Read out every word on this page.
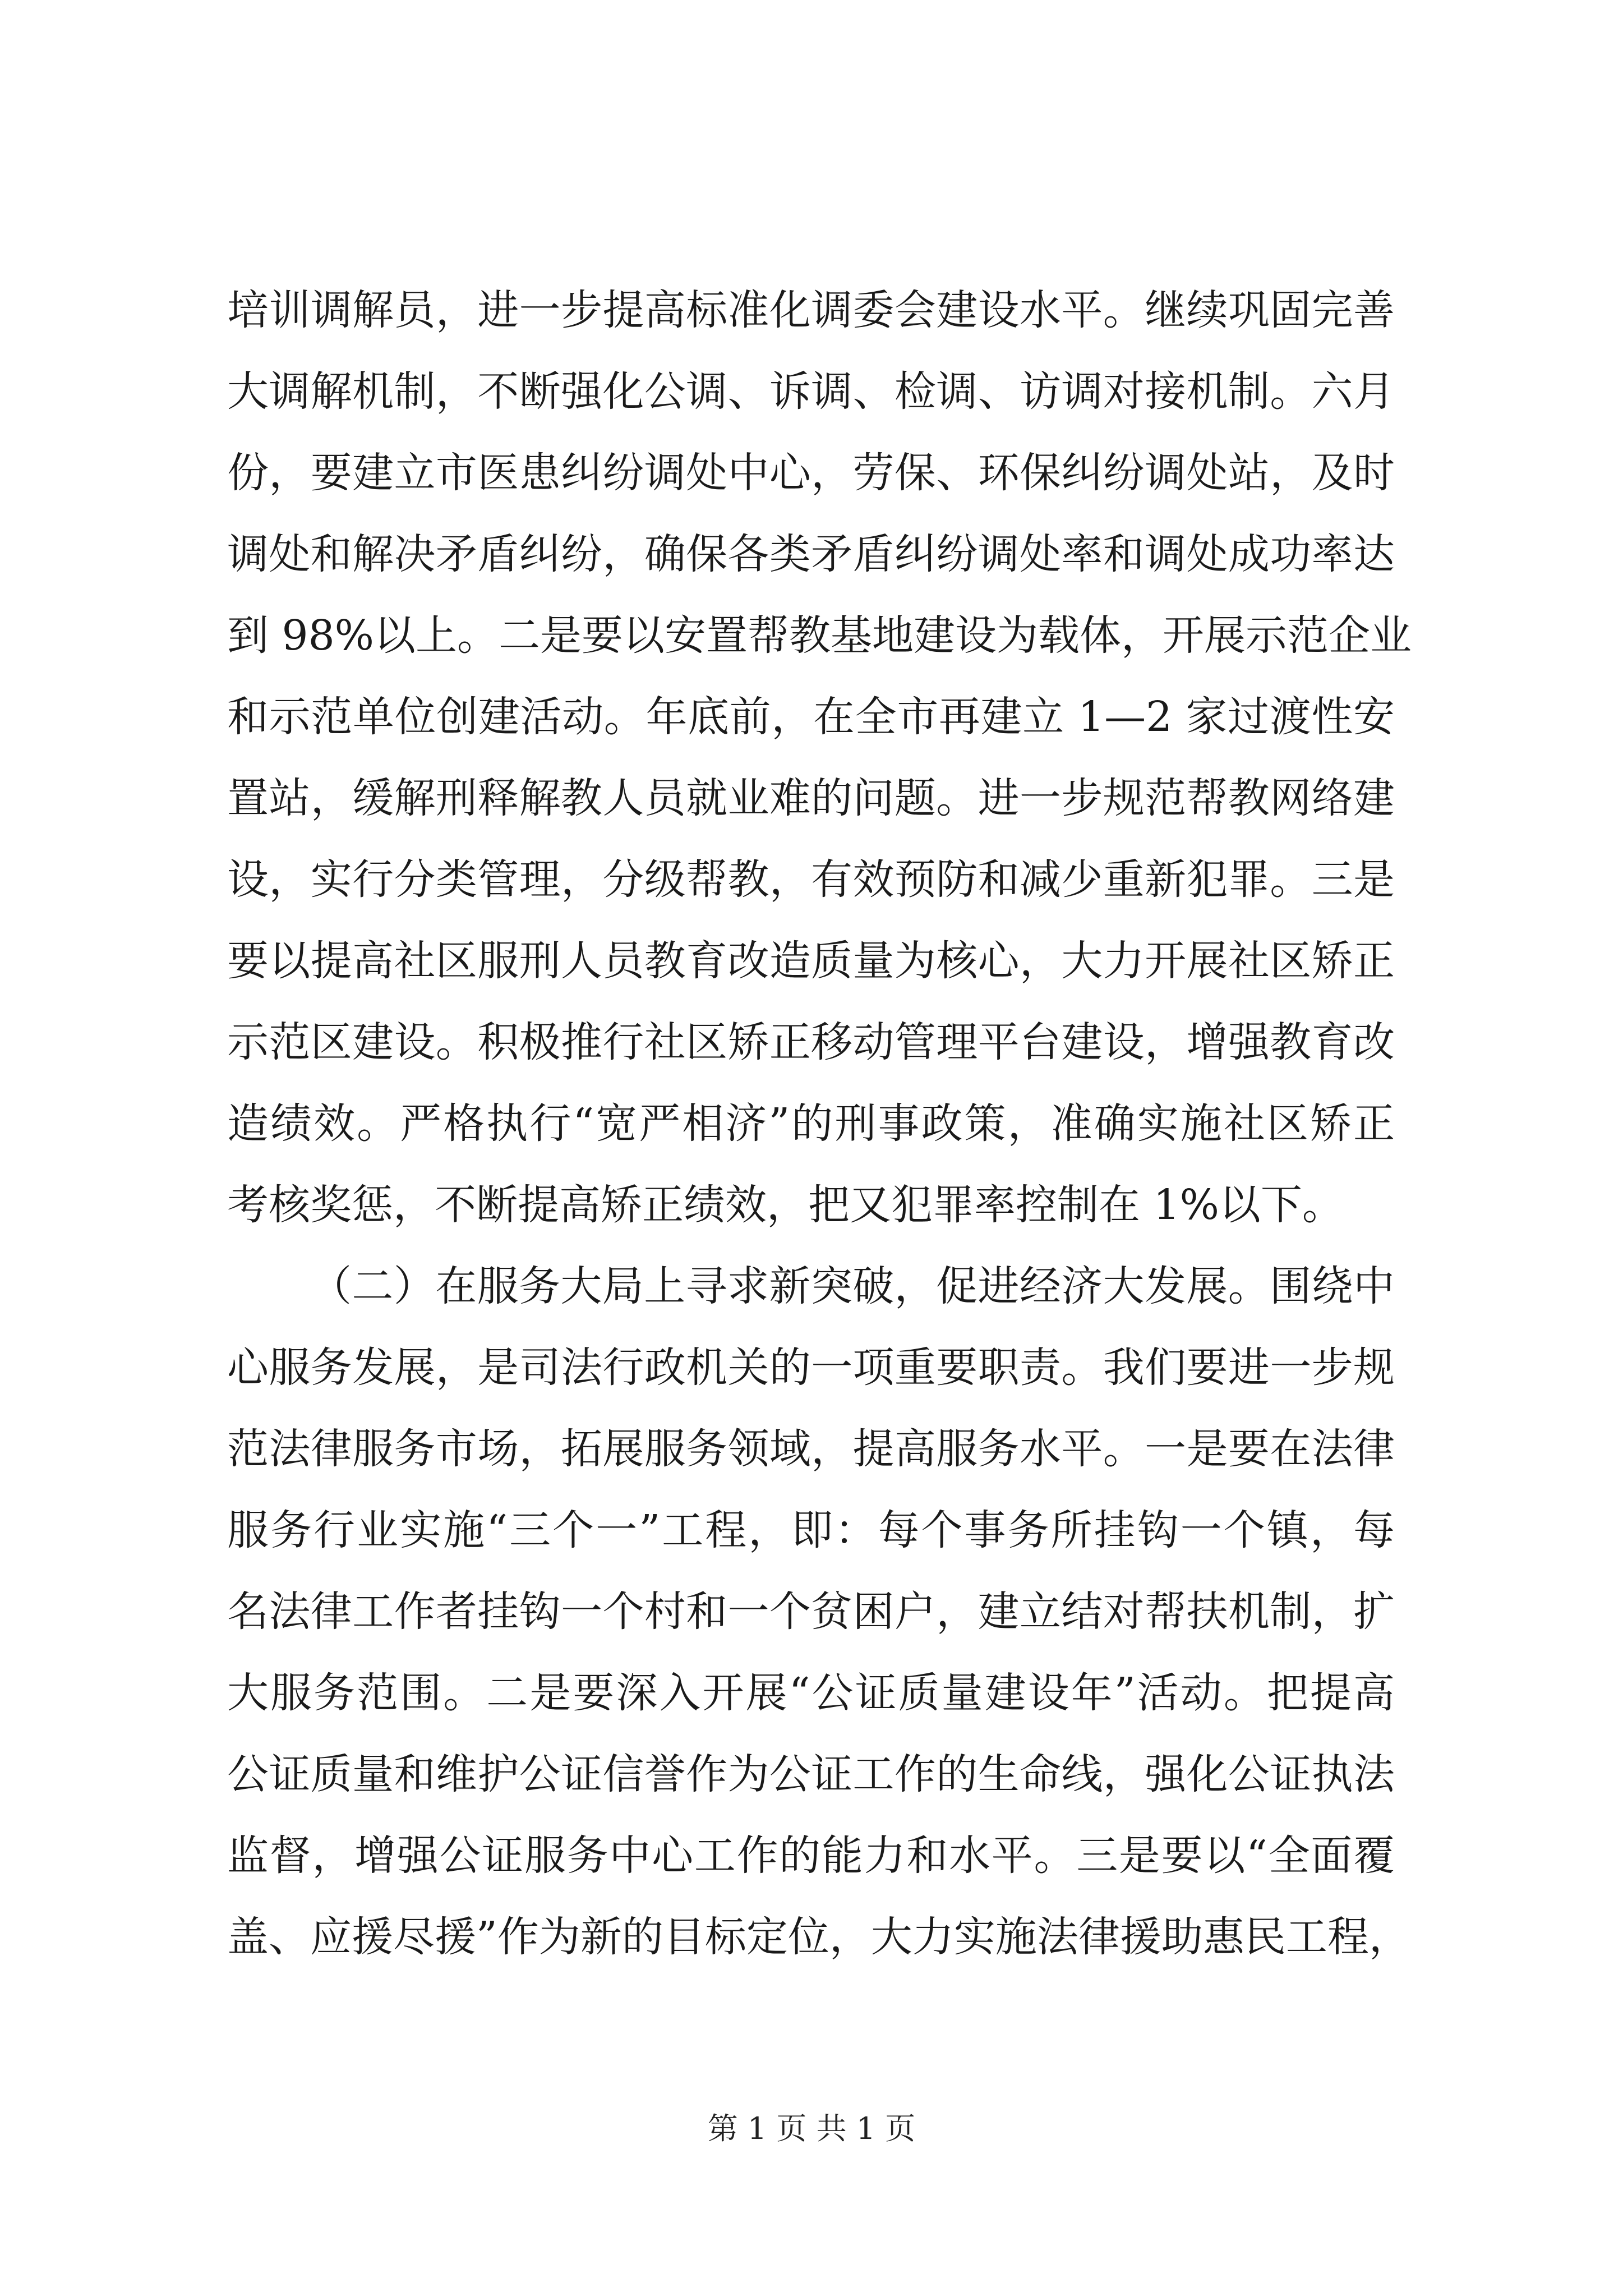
培训调解员，进一步提高标准化调委会建设水平。继续巩固完善
大调解机制，不断强化公调、诉调、检调、访调对接机制。六月
份，要建立市医患纠纷调处中心，劳保、环保纠纷调处站，及时
调处和解决矛盾纠纷，确保各类矛盾纠纷调处率和调处成功率达
到 98%以上。二是要以安置帮教基地建设为载体，开展示范企业
和示范单位创建活动。年底前，在全市再建立 1—2 家过渡性安
置站，缓解刑释解教人员就业难的问题。进一步规范帮教网络建
设，实行分类管理，分级帮教，有效预防和减少重新犯罪。三是
要以提高社区服刑人员教育改造质量为核心，大力开展社区矫正
示范区建设。积极推行社区矫正移动管理平台建设，增强教育改
造绩效。严格执行“宽严相济”的刑事政策，准确实施社区矫正
考核奖惩，不断提高矫正绩效，把又犯罪率控制在 1%以下。
（二）在服务大局上寻求新突破，促进经济大发展。围绕中
心服务发展，是司法行政机关的一项重要职责。我们要进一步规
范法律服务市场，拓展服务领域，提高服务水平。一是要在法律
服务行业实施“三个一”工程，即：每个事务所挂钩一个镇，每
名法律工作者挂钩一个村和一个贫困户，建立结对帮扶机制，扩
大服务范围。二是要深入开展“公证质量建设年”活动。把提高
公证质量和维护公证信誉作为公证工作的生命线，强化公证执法
监督，增强公证服务中心工作的能力和水平。三是要以“全面覆
盖、应援尽援”作为新的目标定位，大力实施法律援助惠民工程，
第 1 页 共 1 页
